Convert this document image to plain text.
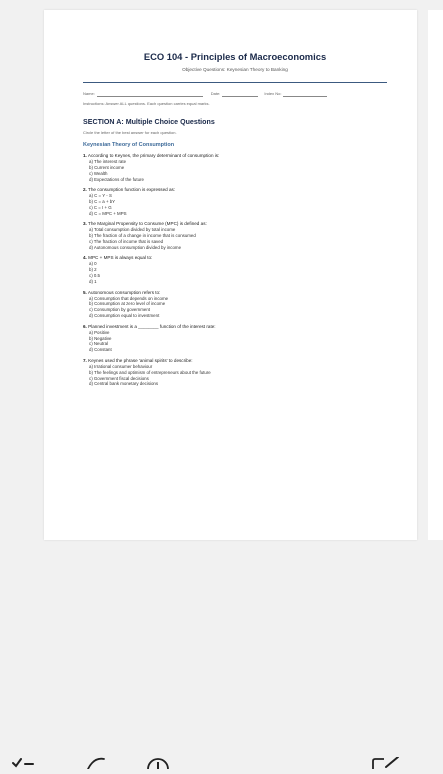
ECO 104 - Principles of Macroeconomics
Objective Questions: Keynesian Theory to Banking
Name:	Date:	Index No:
Instructions: Answer ALL questions. Each question carries equal marks.
SECTION A: Multiple Choice Questions
Circle the letter of the best answer for each question.
Keynesian Theory of Consumption
1. According to Keynes, the primary determinant of consumption is:
a) The interest rate
b) Current income
c) Wealth
d) Expectations of the future
2. The consumption function is expressed as:
a) C = Y - S
b) C = a + bY
c) C = I + G
d) C = MPC + MPS
3. The Marginal Propensity to Consume (MPC) is defined as:
a) Total consumption divided by total income
b) The fraction of a change in income that is consumed
c) The fraction of income that is saved
d) Autonomous consumption divided by income
4. MPC + MPS is always equal to:
a) 0
b) 2
c) 0.5
d) 1
5. Autonomous consumption refers to:
a) Consumption that depends on income
b) Consumption at zero level of income
c) Consumption by government
d) Consumption equal to investment
6. Planned investment is a ________ function of the interest rate:
a) Positive
b) Negative
c) Neutral
d) Constant
7. Keynes used the phrase 'animal spirits' to describe:
a) Irrational consumer behaviour
b) The feelings and optimism of entrepreneurs about the future
c) Government fiscal decisions
d) Central bank monetary decisions
